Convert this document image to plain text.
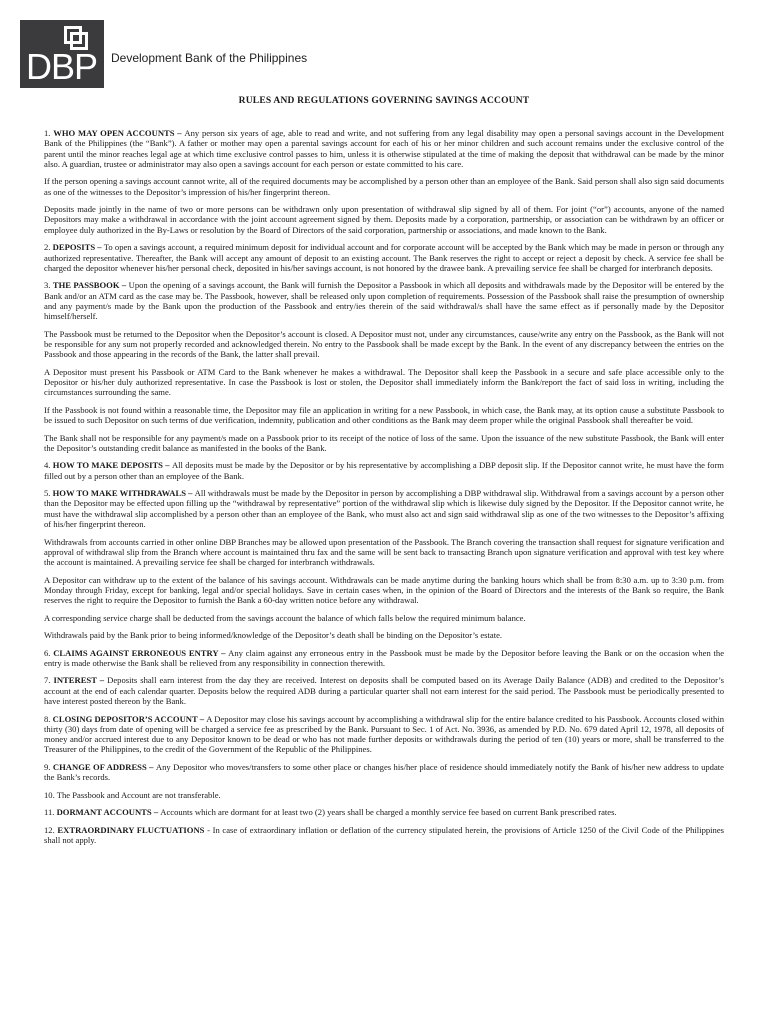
DBP Development Bank of the Philippines
RULES AND REGULATIONS GOVERNING SAVINGS ACCOUNT

1. WHO MAY OPEN ACCOUNTS – Any person six years of age, able to read and write, and not suffering from any legal disability may open a personal savings account in the Development Bank of the Philippines (the “Bank”). A father or mother may open a parental savings account for each of his or her minor children and such account remains under the exclusive control of the parent until the minor reaches legal age at which time exclusive control passes to him, unless it is otherwise stipulated at the time of making the deposit that withdrawal can be made by the minor also. A guardian, trustee or administrator may also open a savings account for each person or estate committed to his care.

If the person opening a savings account cannot write, all of the required documents may be accomplished by a person other than an employee of the Bank. Said person shall also sign said documents as one of the witnesses to the Depositor’s impression of his/her fingerprint thereon.

Deposits made jointly in the name of two or more persons can be withdrawn only upon presentation of withdrawal slip signed by all of them. For joint (“or”) accounts, anyone of the named Depositors may make a withdrawal in accordance with the joint account agreement signed by them. Deposits made by a corporation, partnership, or association can be withdrawn by an officer or employee duly authorized in the By-Laws or resolution by the Board of Directors of the said corporation, partnership or associations, and made known to the Bank.

2. DEPOSITS – To open a savings account, a required minimum deposit for individual account and for corporate account will be accepted by the Bank which may be made in person or through any authorized representative. Thereafter, the Bank will accept any amount of deposit to an existing account. The Bank reserves the right to accept or reject a deposit by check. A service fee shall be charged the depositor whenever his/her personal check, deposited in his/her savings account, is not honored by the drawee bank. A prevailing service fee shall be charged for interbranch deposits.

3. THE PASSBOOK – Upon the opening of a savings account, the Bank will furnish the Depositor a Passbook in which all deposits and withdrawals made by the Depositor will be entered by the Bank and/or an ATM card as the case may be. The Passbook, however, shall be released only upon completion of requirements. Possession of the Passbook shall raise the presumption of ownership and any payment/s made by the Bank upon the production of the Passbook and entry/ies therein of the said withdrawal/s shall have the same effect as if personally made by the Depositor himself/herself.

The Passbook must be returned to the Depositor when the Depositor’s account is closed. A Depositor must not, under any circumstances, cause/write any entry on the Passbook, as the Bank will not be responsible for any sum not properly recorded and acknowledged therein. No entry to the Passbook shall be made except by the Bank. In the event of any discrepancy between the entries on the Passbook and those appearing in the records of the Bank, the latter shall prevail.

A Depositor must present his Passbook or ATM Card to the Bank whenever he makes a withdrawal. The Depositor shall keep the Passbook in a secure and safe place accessible only to the Depositor or his/her duly authorized representative. In case the Passbook is lost or stolen, the Depositor shall immediately inform the Bank/report the fact of said loss in writing, including the circumstances surrounding the same.

If the Passbook is not found within a reasonable time, the Depositor may file an application in writing for a new Passbook, in which case, the Bank may, at its option cause a substitute Passbook to be issued to such Depositor on such terms of due verification, indemnity, publication and other conditions as the Bank may deem proper while the original Passbook shall thereafter be void.

The Bank shall not be responsible for any payment/s made on a Passbook prior to its receipt of the notice of loss of the same. Upon the issuance of the new substitute Passbook, the Bank will enter the Depositor’s outstanding credit balance as manifested in the books of the Bank.

4. HOW TO MAKE DEPOSITS – All deposits must be made by the Depositor or by his representative by accomplishing a DBP deposit slip. If the Depositor cannot write, he must have the form filled out by a person other than an employee of the Bank.

5. HOW TO MAKE WITHDRAWALS – All withdrawals must be made by the Depositor in person by accomplishing a DBP withdrawal slip. Withdrawal from a savings account by a person other than the Depositor may be effected upon filling up the “withdrawal by representative” portion of the withdrawal slip which is likewise duly signed by the Depositor. If the Depositor cannot write, he must have the withdrawal slip accomplished by a person other than an employee of the Bank, who must also act and sign said withdrawal slip as one of the two witnesses to the Depositor’s affixing of his/her fingerprint thereon.

Withdrawals from accounts carried in other online DBP Branches may be allowed upon presentation of the Passbook. The Branch covering the transaction shall request for signature verification and approval of withdrawal slip from the Branch where account is maintained thru fax and the same will be sent back to transacting Branch upon signature verification and approval with test key where the account is maintained. A prevailing service fee shall be charged for interbranch withdrawals.

A Depositor can withdraw up to the extent of the balance of his savings account. Withdrawals can be made anytime during the banking hours which shall be from 8:30 a.m. up to 3:30 p.m. from Monday through Friday, except for banking, legal and/or special holidays. Save in certain cases when, in the opinion of the Board of Directors and the interests of the Bank so require, the Bank reserves the right to require the Depositor to furnish the Bank a 60-day written notice before any withdrawal.

A corresponding service charge shall be deducted from the savings account the balance of which falls below the required minimum balance.

Withdrawals paid by the Bank prior to being informed/knowledge of the Depositor’s death shall be binding on the Depositor’s estate.

6. CLAIMS AGAINST ERRONEOUS ENTRY – Any claim against any erroneous entry in the Passbook must be made by the Depositor before leaving the Bank or on the occasion when the entry is made otherwise the Bank shall be relieved from any responsibility in connection therewith.

7. INTEREST – Deposits shall earn interest from the day they are received. Interest on deposits shall be computed based on its Average Daily Balance (ADB) and credited to the Depositor’s account at the end of each calendar quarter. Deposits below the required ADB during a particular quarter shall not earn interest for the said period. The Passbook must be periodically presented to have interest posted thereon by the Bank.

8. CLOSING DEPOSITOR’S ACCOUNT – A Depositor may close his savings account by accomplishing a withdrawal slip for the entire balance credited to his Passbook. Accounts closed within thirty (30) days from date of opening will be charged a service fee as prescribed by the Bank. Pursuant to Sec. 1 of Act. No. 3936, as amended by P.D. No. 679 dated April 12, 1978, all deposits of money and/or accrued interest due to any Depositor known to be dead or who has not made further deposits or withdrawals during the period of ten (10) years or more, shall be transferred to the Treasurer of the Philippines, to the credit of the Government of the Republic of the Philippines.

9. CHANGE OF ADDRESS – Any Depositor who moves/transfers to some other place or changes his/her place of residence should immediately notify the Bank of his/her new address to update the Bank’s records.

10. The Passbook and Account are not transferable.

11. DORMANT ACCOUNTS – Accounts which are dormant for at least two (2) years shall be charged a monthly service fee based on current Bank prescribed rates.

12. EXTRAORDINARY FLUCTUATIONS - In case of extraordinary inflation or deflation of the currency stipulated herein, the provisions of Article 1250 of the Civil Code of the Philippines shall not apply.
